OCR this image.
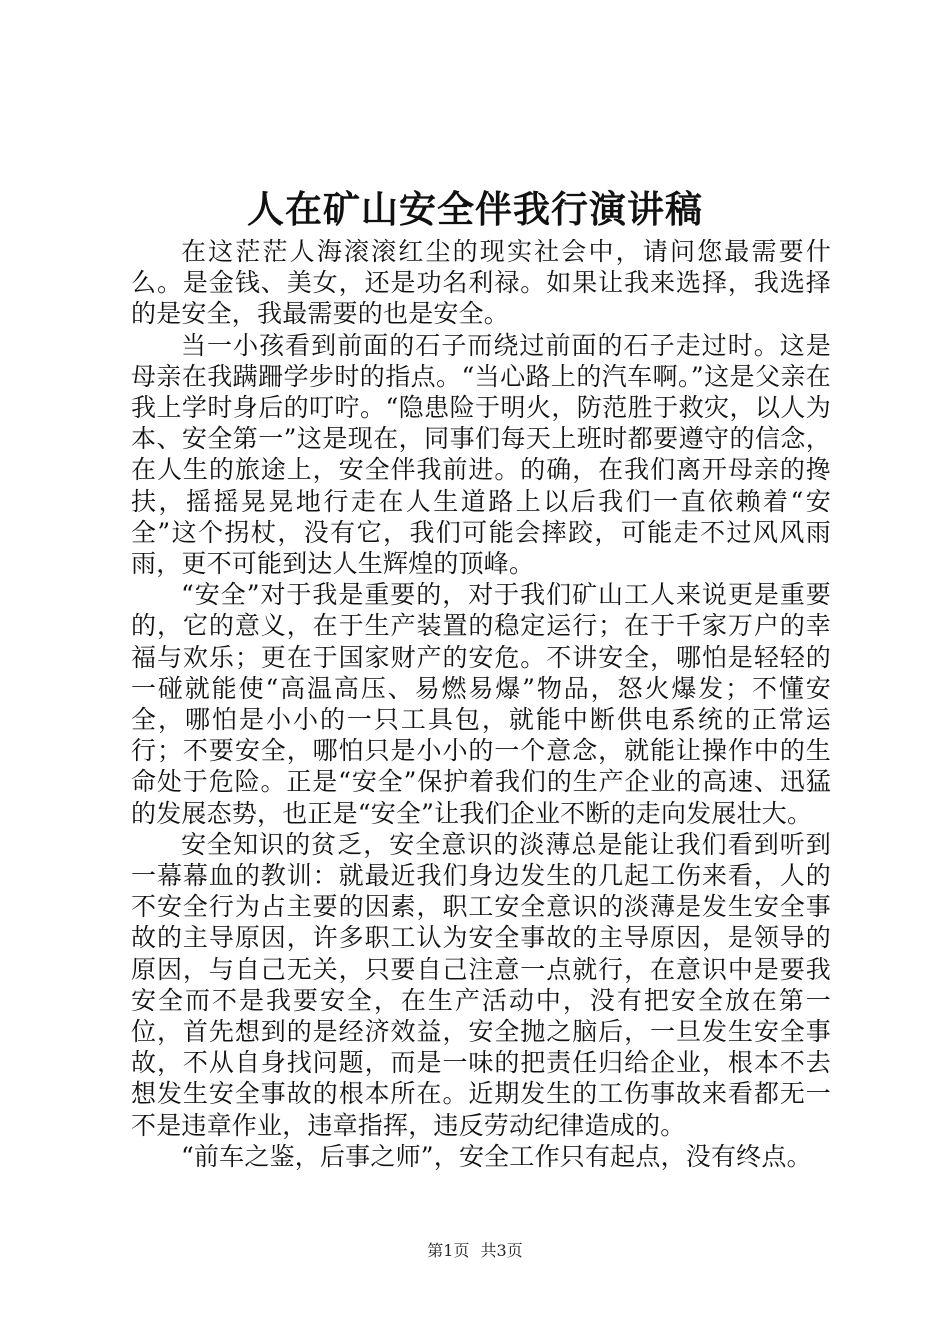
人在矿山安全伴我行演讲稿

在这茫茫人海滚滚红尘的现实社会中，请问您最需要什么。是金钱、美女，还是功名利禄。如果让我来选择，我选择的是安全，我最需要的也是安全。

当一小孩看到前面的石子而绕过前面的石子走过时。这是母亲在我蹒跚学步时的指点。“当心路上的汽车啊。”这是父亲在我上学时身后的叮咛。“隐患险于明火，防范胜于救灾，以人为本、安全第一”这是现在，同事们每天上班时都要遵守的信念，在人生的旅途上，安全伴我前进。的确，在我们离开母亲的搀扶，摇摇晃晃地行走在人生道路上以后我们一直依赖着“安全”这个拐杖，没有它，我们可能会摔跤，可能走不过风风雨雨，更不可能到达人生辉煌的顶峰。

“安全”对于我是重要的，对于我们矿山工人来说更是重要的，它的意义，在于生产装置的稳定运行；在于千家万户的幸福与欢乐；更在于国家财产的安危。不讲安全，哪怕是轻轻的一碰就能使“高温高压、易燃易爆”物品，怒火爆发；不懂安全，哪怕是小小的一只工具包，就能中断供电系统的正常运行；不要安全，哪怕只是小小的一个意念，就能让操作中的生命处于危险。正是“安全”保护着我们的生产企业的高速、迅猛的发展态势，也正是“安全”让我们企业不断的走向发展壮大。

安全知识的贫乏，安全意识的淡薄总是能让我们看到听到一幕幕血的教训：就最近我们身边发生的几起工伤来看，人的不安全行为占主要的因素，职工安全意识的淡薄是发生安全事故的主导原因，许多职工认为安全事故的主导原因，是领导的原因，与自己无关，只要自己注意一点就行，在意识中是要我安全而不是我要安全，在生产活动中，没有把安全放在第一位，首先想到的是经济效益，安全抛之脑后，一旦发生安全事故，不从自身找问题，而是一味的把责任归给企业，根本不去想发生安全事故的根本所在。近期发生的工伤事故来看都无一不是违章作业，违章指挥，违反劳动纪律造成的。

“前车之鉴，后事之师”，安全工作只有起点，没有终点。

第1页 共3页
